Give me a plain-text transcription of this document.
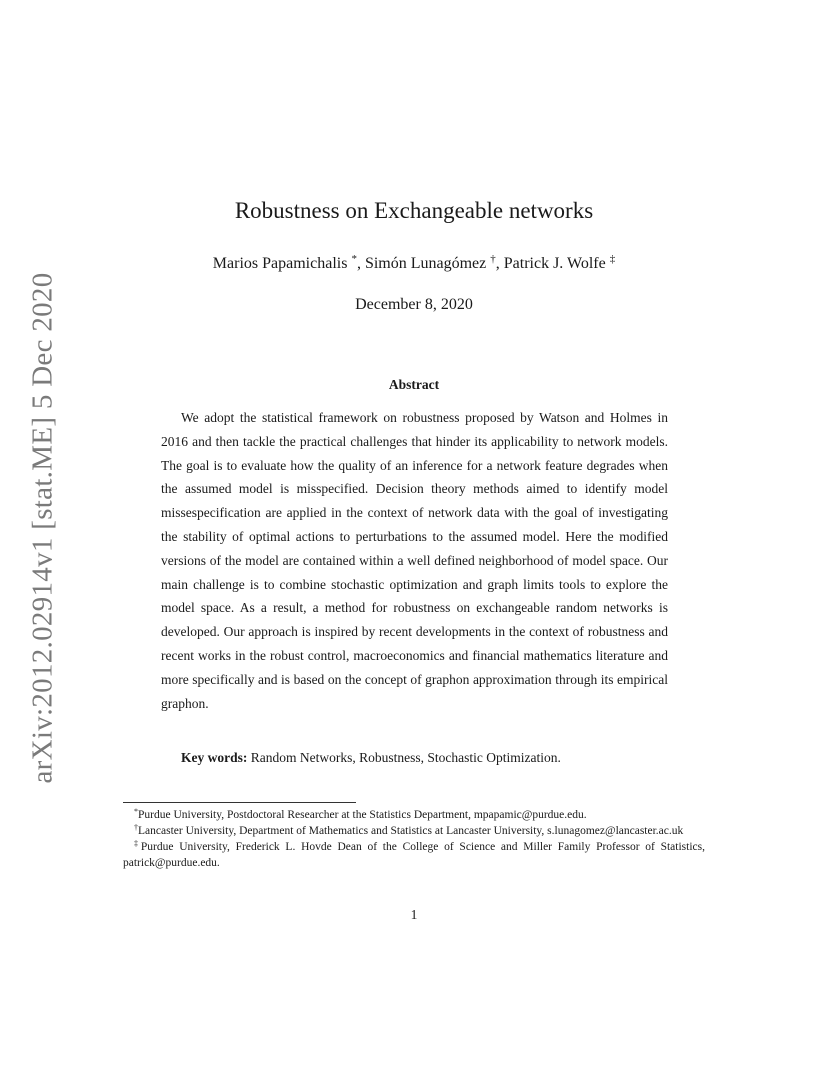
arXiv:2012.02914v1 [stat.ME] 5 Dec 2020
Robustness on Exchangeable networks
Marios Papamichalis *, Simón Lunagómez †, Patrick J. Wolfe ‡
December 8, 2020
Abstract
We adopt the statistical framework on robustness proposed by Watson and Holmes in 2016 and then tackle the practical challenges that hinder its applicability to network models. The goal is to evaluate how the quality of an inference for a network feature degrades when the assumed model is misspecified. Decision theory methods aimed to identify model missespecification are applied in the context of network data with the goal of investigating the stability of optimal actions to perturbations to the assumed model. Here the modified versions of the model are contained within a well defined neighborhood of model space. Our main challenge is to combine stochastic optimization and graph limits tools to explore the model space. As a result, a method for robustness on exchangeable random networks is developed. Our approach is inspired by recent developments in the context of robustness and recent works in the robust control, macroeconomics and financial mathematics literature and more specifically and is based on the concept of graphon approximation through its empirical graphon.
Key words: Random Networks, Robustness, Stochastic Optimization.

*Purdue University, Postdoctoral Researcher at the Statistics Department, mpapamic@purdue.edu.

†Lancaster University, Department of Mathematics and Statistics at Lancaster University, s.lunagomez@lancaster.ac.uk

‡Purdue University, Frederick L. Hovde Dean of the College of Science and Miller Family Professor of Statistics, patrick@purdue.edu.

1
